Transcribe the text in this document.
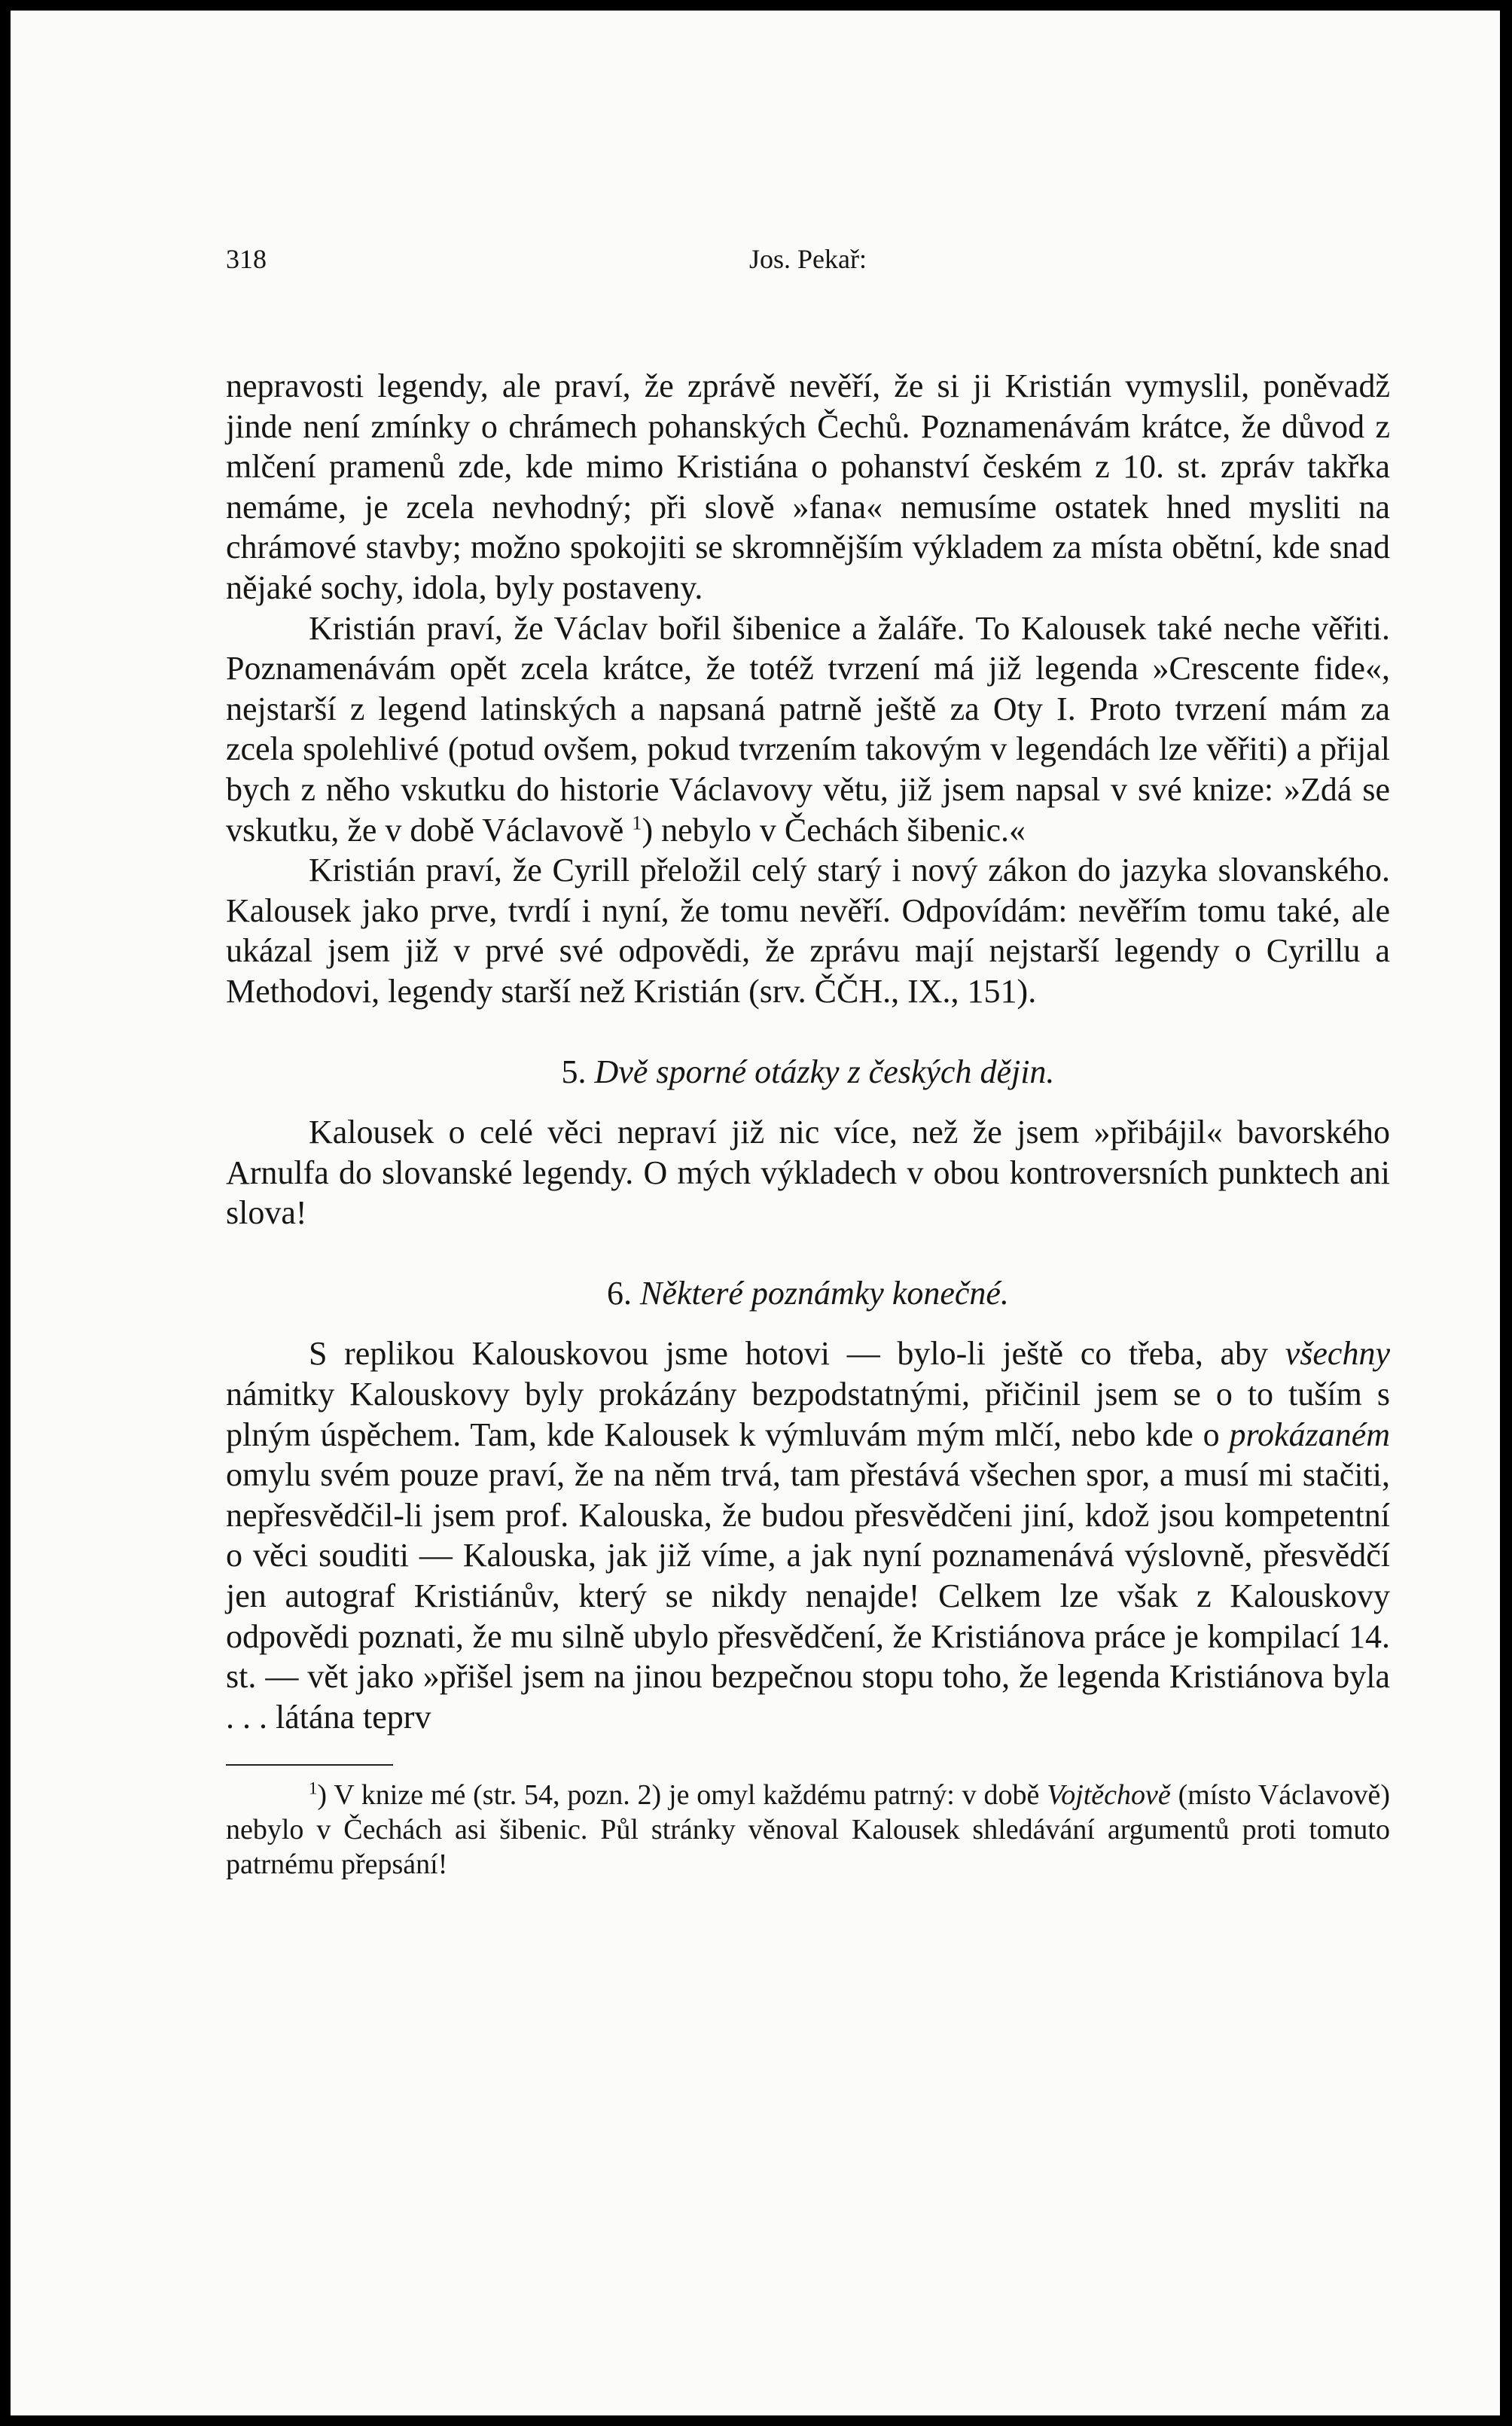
318	Jos. Pekař:

nepravosti legendy, ale praví, že zprávě nevěří, že si ji Kristián vymyslil, poněvadž jinde není zmínky o chrámech pohanských Čechů. Poznamenávám krátce, že důvod z mlčení pramenů zde, kde mimo Kristiána o pohanství českém z 10. st. zpráv takřka nemáme, je zcela nevhodný; při slově »fana« nemusíme ostatek hned mysliti na chrámové stavby; možno spokojiti se skromnějším výkladem za místa obětní, kde snad nějaké sochy, idola, byly postaveny.

Kristián praví, že Václav bořil šibenice a žaláře. To Kalousek také neche věřiti. Poznamenávám opět zcela krátce, že totéž tvrzení má již legenda »Crescente fide«, nejstarší z legend latinských a napsaná patrně ještě za Oty I. Proto tvrzení mám za zcela spolehlivé (potud ovšem, pokud tvrzením takovým v legendách lze věřiti) a přijal bych z něho vskutku do historie Václavovy větu, již jsem napsal v své knize: »Zdá se vskutku, že v době Václavově $^1$) nebylo v Čechách šibenic.«

Kristián praví, že Cyrill přeložil celý starý i nový zákon do jazyka slovanského. Kalousek jako prve, tvrdí i nyní, že tomu nevěří. Odpovídám: nevěřím tomu také, ale ukázal jsem již v prvé své odpovědi, že zprávu mají nejstarší legendy o Cyrillu a Methodovi, legendy starší než Kristián (srv. ČČH., IX., 151).

5. Dvě sporné otázky z českých dějin.

Kalousek o celé věci nepraví již nic více, než že jsem »přibájil« bavorského Arnulfa do slovanské legendy. O mých výkladech v obou kontroversních punktech ani slova!

6. Některé poznámky konečné.

S replikou Kalouskovou jsme hotovi — bylo-li ještě co třeba, aby všechny námitky Kalouskovy byly prokázány bezpodstatnými, přičinil jsem se o to tuším s plným úspěchem. Tam, kde Kalousek k výmluvám mým mlčí, nebo kde o prokázaném omylu svém pouze praví, že na něm trvá, tam přestává všechen spor, a musí mi stačiti, nepřesvědčil-li jsem prof. Kalouska, že budou přesvědčeni jiní, kdož jsou kompetentní o věci souditi — Kalouska, jak již víme, a jak nyní poznamenává výslovně, přesvědčí jen autograf Kristiánův, který se nikdy nenajde! Celkem lze však z Kalouskovy odpovědi poznati, že mu silně ubylo přesvědčení, že Kristiánova práce je kompilací 14. st. — vět jako »přišel jsem na jinou bezpečnou stopu toho, že legenda Kristiánova byla . . . látána teprv

$^1$) V knize mé (str. 54, pozn. 2) je omyl každému patrný: v době Vojtěchově (místo Václavově) nebylo v Čechách asi šibenic. Půl stránky věnoval Kalousek shledávání argumentů proti tomuto patrnému přepsání!
